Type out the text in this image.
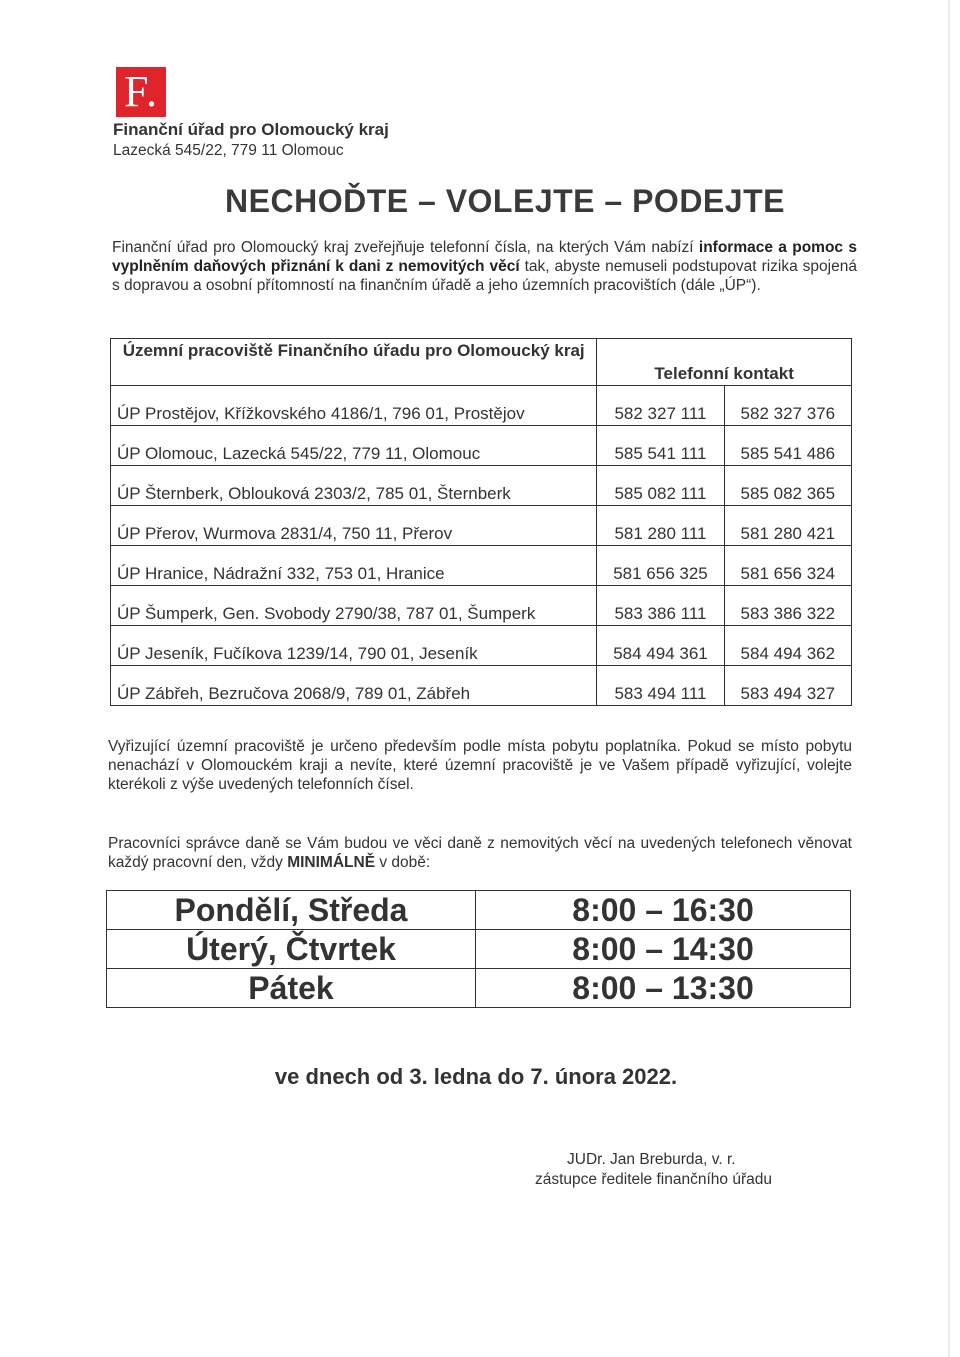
F.
Finanční úřad pro Olomoucký kraj
Lazecká 545/22, 779 11 Olomouc
NECHOĎTE – VOLEJTE – PODEJTE
Finanční úřad pro Olomoucký kraj zveřejňuje telefonní čísla, na kterých Vám nabízí informace a pomoc s vyplněním daňových přiznání k dani z nemovitých věcí tak, abyste nemuseli podstupovat rizika spojená s dopravou a osobní přítomností na finančním úřadě a jeho územních pracovištích (dále „ÚP“).
Územní pracoviště Finančního úřadu pro Olomoucký kraj	Telefonní kontakt	
ÚP Prostějov, Křížkovského 4186/1, 796 01, Prostějov	582 327 111	582 327 376
ÚP Olomouc, Lazecká 545/22, 779 11, Olomouc	585 541 111	585 541 486
ÚP Šternberk, Oblouková 2303/2, 785 01, Šternberk	585 082 111	585 082 365
ÚP Přerov, Wurmova 2831/4, 750 11, Přerov	581 280 111	581 280 421
ÚP Hranice, Nádražní 332, 753 01, Hranice	581 656 325	581 656 324
ÚP Šumperk, Gen. Svobody 2790/38, 787 01, Šumperk	583 386 111	583 386 322
ÚP Jeseník, Fučíkova 1239/14, 790 01, Jeseník	584 494 361	584 494 362
ÚP Zábřeh, Bezručova 2068/9, 789 01, Zábřeh	583 494 111	583 494 327
Vyřizující územní pracoviště je určeno především podle místa pobytu poplatníka. Pokud se místo pobytu nenachází v Olomouckém kraji a nevíte, které územní pracoviště je ve Vašem případě vyřizující, volejte kterékoli z výše uvedených telefonních čísel.
Pracovníci správce daně se Vám budou ve věci daně z nemovitých věcí na uvedených telefonech věnovat každý pracovní den, vždy MINIMÁLNĚ v době:
Pondělí, Středa	8:00 – 16:30
Úterý, Čtvrtek	8:00 – 14:30
Pátek	8:00 – 13:30
ve dnech od 3. ledna do 7. února 2022.
JUDr. Jan Breburda, v. r.
zástupce ředitele finančního úřadu
